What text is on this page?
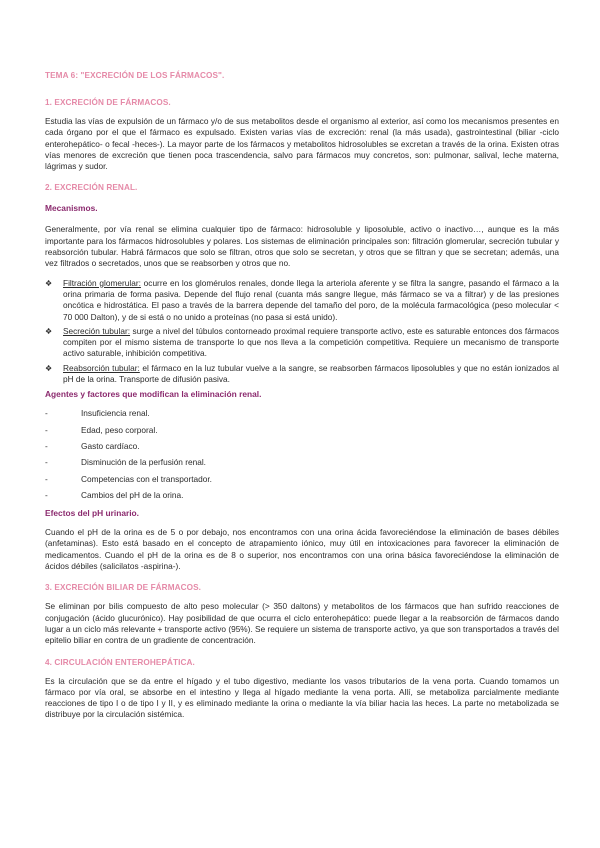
TEMA 6: "EXCRECIÓN DE LOS FÁRMACOS".

1. EXCRECIÓN DE FÁRMACOS.

Estudia las vías de expulsión de un fármaco y/o de sus metabolitos desde el organismo al exterior, así como los mecanismos presentes en cada órgano por el que el fármaco es expulsado. Existen varias vías de excreción: renal (la más usada), gastrointestinal (biliar -ciclo enterohepático- o fecal -heces-). La mayor parte de los fármacos y metabolitos hidrosolubles se excretan a través de la orina. Existen otras vías menores de excreción que tienen poca trascendencia, salvo para fármacos muy concretos, son: pulmonar, salival, leche materna, lágrimas y sudor.

2. EXCRECIÓN RENAL.

Mecanismos.

Generalmente, por vía renal se elimina cualquier tipo de fármaco: hidrosoluble y liposoluble, activo o inactivo…, aunque es la más importante para los fármacos hidrosolubles y polares. Los sistemas de eliminación principales son: filtración glomerular, secreción tubular y reabsorción tubular. Habrá fármacos que solo se filtran, otros que solo se secretan, y otros que se filtran y que se secretan; además, una vez filtrados o secretados, unos que se reabsorben y otros que no.

❖	Filtración glomerular: ocurre en los glomérulos renales, donde llega la arteriola aferente y se filtra la sangre, pasando el fármaco a la orina primaria de forma pasiva. Depende del flujo renal (cuanta más sangre llegue, más fármaco se va a filtrar) y de las presiones oncótica e hidrostática. El paso a través de la barrera depende del tamaño del poro, de la molécula farmacológica (peso molecular < 70 000 Dalton), y de si está o no unido a proteínas (no pasa si está unido).
❖	Secreción tubular: surge a nivel del túbulos contorneado proximal requiere transporte activo, este es saturable entonces dos fármacos compiten por el mismo sistema de transporte lo que nos lleva a la competición competitiva. Requiere un mecanismo de transporte activo saturable, inhibición competitiva.
❖	Reabsorción tubular: el fármaco en la luz tubular vuelve a la sangre, se reabsorben fármacos liposolubles y que no están ionizados al pH de la orina. Transporte de difusión pasiva.

Agentes y factores que modifican la eliminación renal.

-	Insuficiencia renal.
-	Edad, peso corporal.
-	Gasto cardíaco.
-	Disminución de la perfusión renal.
-	Competencias con el transportador.
-	Cambios del pH de la orina.

Efectos del pH urinario.

Cuando el pH de la orina es de 5 o por debajo, nos encontramos con una orina ácida favoreciéndose la eliminación de bases débiles (anfetaminas). Esto está basado en el concepto de atrapamiento iónico, muy útil en intoxicaciones para favorecer la eliminación de medicamentos. Cuando el pH de la orina es de 8 o superior, nos encontramos con una orina básica favoreciéndose la eliminación de ácidos débiles (salicilatos -aspirina-).

3. EXCRECIÓN BILIAR DE FÁRMACOS.

Se eliminan por bilis compuesto de alto peso molecular (> 350 daltons) y metabolitos de los fármacos que han sufrido reacciones de conjugación (ácido glucurónico). Hay posibilidad de que ocurra el ciclo enterohepático: puede llegar a la reabsorción de fármacos dando lugar a un ciclo más relevante + transporte activo (95%). Se requiere un sistema de transporte activo, ya que son transportados a través del epitelio biliar en contra de un gradiente de concentración.

4. CIRCULACIÓN ENTEROHEPÁTICA.

Es la circulación que se da entre el hígado y el tubo digestivo, mediante los vasos tributarios de la vena porta. Cuando tomamos un fármaco por vía oral, se absorbe en el intestino y llega al hígado mediante la vena porta. Allí, se metaboliza parcialmente mediante reacciones de tipo I o de tipo I y II, y es eliminado mediante la orina o mediante la vía biliar hacia las heces. La parte no metabolizada se distribuye por la circulación sistémica.
